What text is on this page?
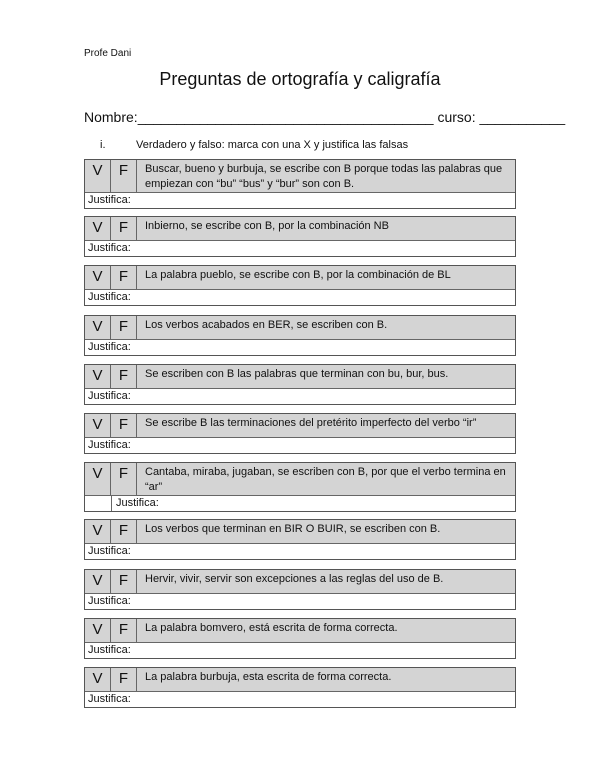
Profe Dani
Preguntas de ortografía y caligrafía
Nombre:______________________________________ curso: ___________
i.	Verdadero y falso: marca con una X y justifica las falsas
V	F	Buscar, bueno y burbuja, se escribe con B porque todas las palabras que empiezan con “bu” “bus” y “bur” son con B.
Justifica:
V	F	Inbierno, se escribe con B, por la combinación NB
Justifica:
V	F	La palabra pueblo, se escribe con B, por la combinación de BL
Justifica:
V	F	Los verbos acabados en BER, se escriben con B.
Justifica:
V	F	Se escriben con B las palabras que terminan con bu, bur, bus.
Justifica:
V	F	Se escribe B las terminaciones del pretérito imperfecto del verbo “ir”
Justifica:
V	F	Cantaba, miraba, jugaban, se escriben con B, por que el verbo termina en “ar”
Justifica:
V	F	Los verbos que terminan en BIR O BUIR, se escriben con B.
Justifica:
V	F	Hervir, vivir, servir son excepciones a las reglas del uso de B.
Justifica:
V	F	La palabra bomvero, está escrita de forma correcta.
Justifica:
V	F	La palabra burbuja, esta escrita de forma correcta.
Justifica:
